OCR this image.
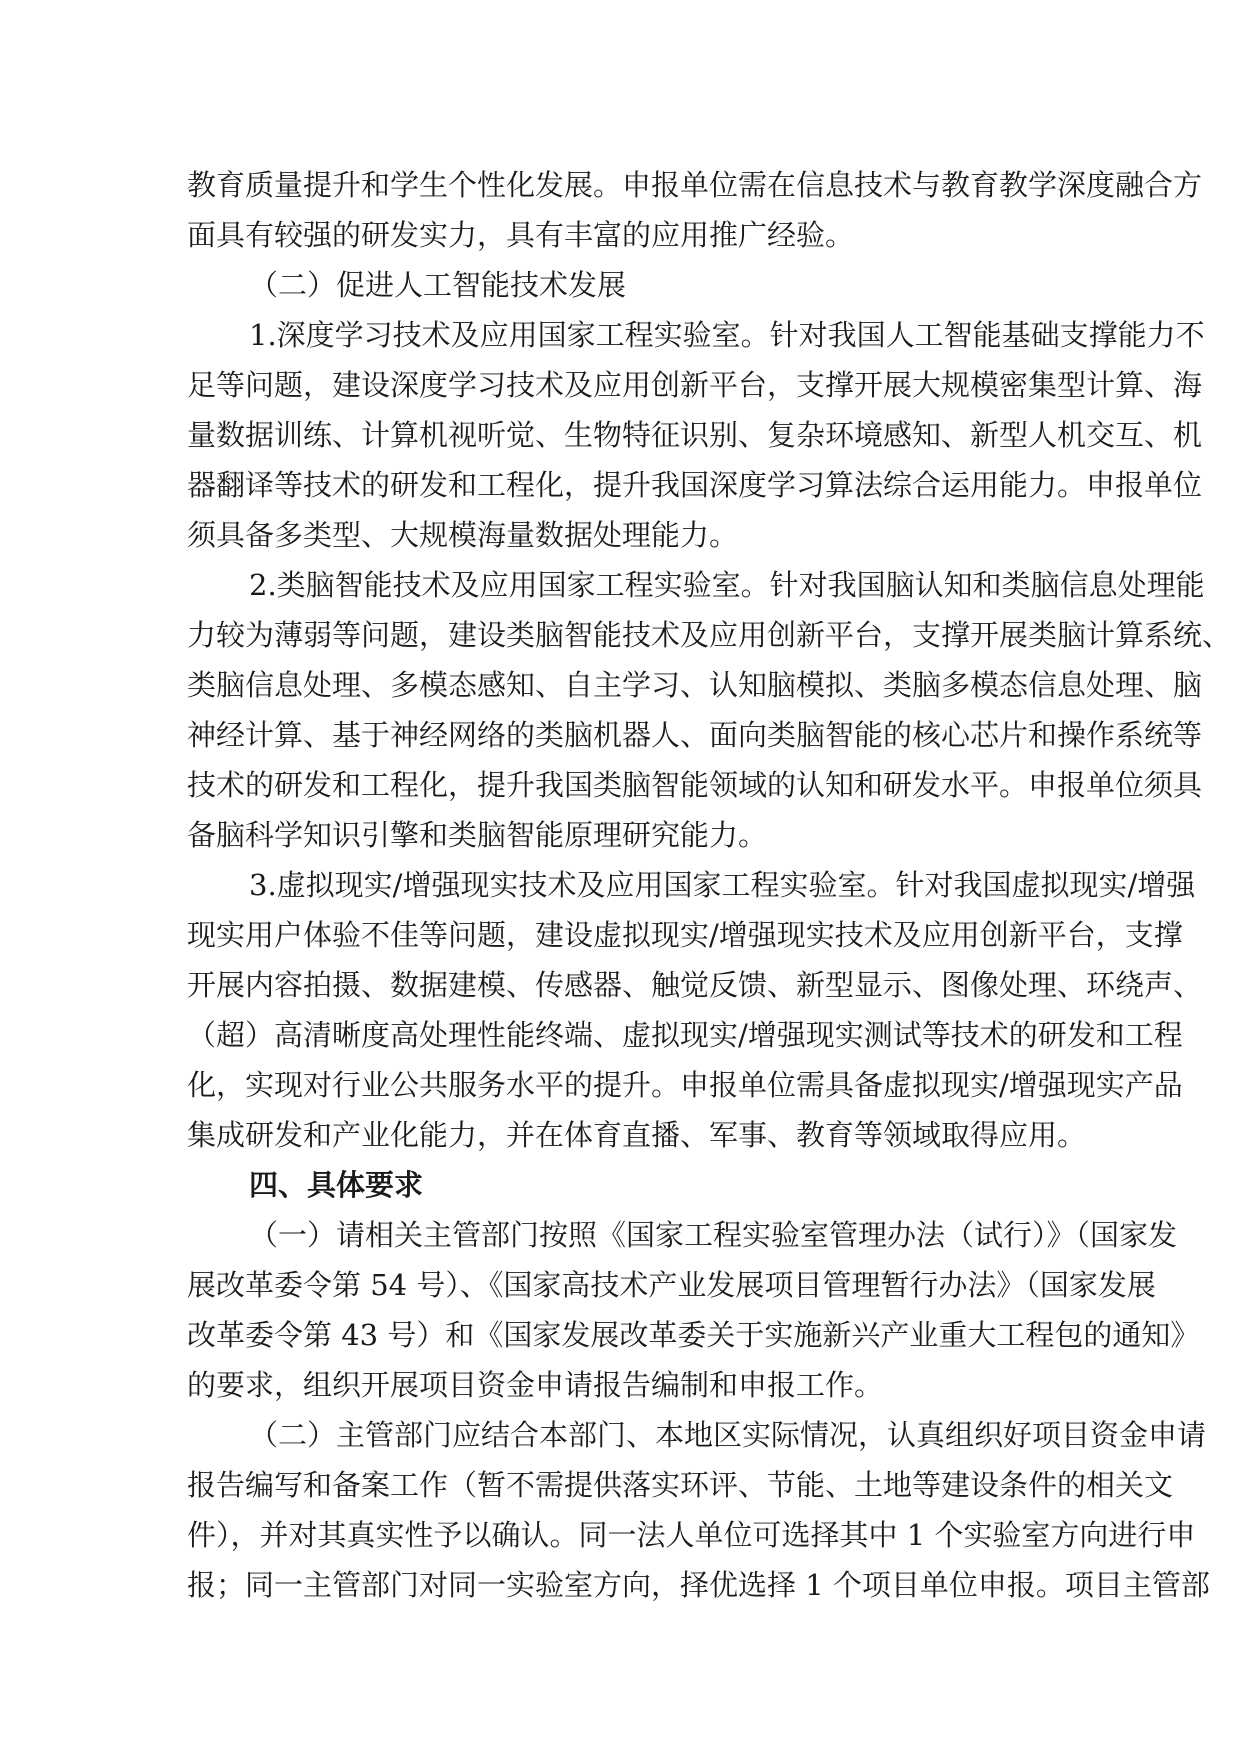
教育质量提升和学生个性化发展。申报单位需在信息技术与教育教学深度融合方
面具有较强的研发实力，具有丰富的应用推广经验。
（二）促进人工智能技术发展
1.深度学习技术及应用国家工程实验室。针对我国人工智能基础支撑能力不
足等问题，建设深度学习技术及应用创新平台，支撑开展大规模密集型计算、海
量数据训练、计算机视听觉、生物特征识别、复杂环境感知、新型人机交互、机
器翻译等技术的研发和工程化，提升我国深度学习算法综合运用能力。申报单位
须具备多类型、大规模海量数据处理能力。
2.类脑智能技术及应用国家工程实验室。针对我国脑认知和类脑信息处理能
力较为薄弱等问题，建设类脑智能技术及应用创新平台，支撑开展类脑计算系统、
类脑信息处理、多模态感知、自主学习、认知脑模拟、类脑多模态信息处理、脑
神经计算、基于神经网络的类脑机器人、面向类脑智能的核心芯片和操作系统等
技术的研发和工程化，提升我国类脑智能领域的认知和研发水平。申报单位须具
备脑科学知识引擎和类脑智能原理研究能力。
3.虚拟现实/增强现实技术及应用国家工程实验室。针对我国虚拟现实/增强
现实用户体验不佳等问题，建设虚拟现实/增强现实技术及应用创新平台，支撑
开展内容拍摄、数据建模、传感器、触觉反馈、新型显示、图像处理、环绕声、
（超）高清晰度高处理性能终端、虚拟现实/增强现实测试等技术的研发和工程
化，实现对行业公共服务水平的提升。申报单位需具备虚拟现实/增强现实产品
集成研发和产业化能力，并在体育直播、军事、教育等领域取得应用。
四、具体要求
（一）请相关主管部门按照《国家工程实验室管理办法（试行）》（国家发
展改革委令第 54 号）、《国家高技术产业发展项目管理暂行办法》（国家发展
改革委令第 43 号）和《国家发展改革委关于实施新兴产业重大工程包的通知》
的要求，组织开展项目资金申请报告编制和申报工作。
（二）主管部门应结合本部门、本地区实际情况，认真组织好项目资金申请
报告编写和备案工作（暂不需提供落实环评、节能、土地等建设条件的相关文
件），并对其真实性予以确认。同一法人单位可选择其中 1 个实验室方向进行申
报；同一主管部门对同一实验室方向，择优选择 1 个项目单位申报。项目主管部
